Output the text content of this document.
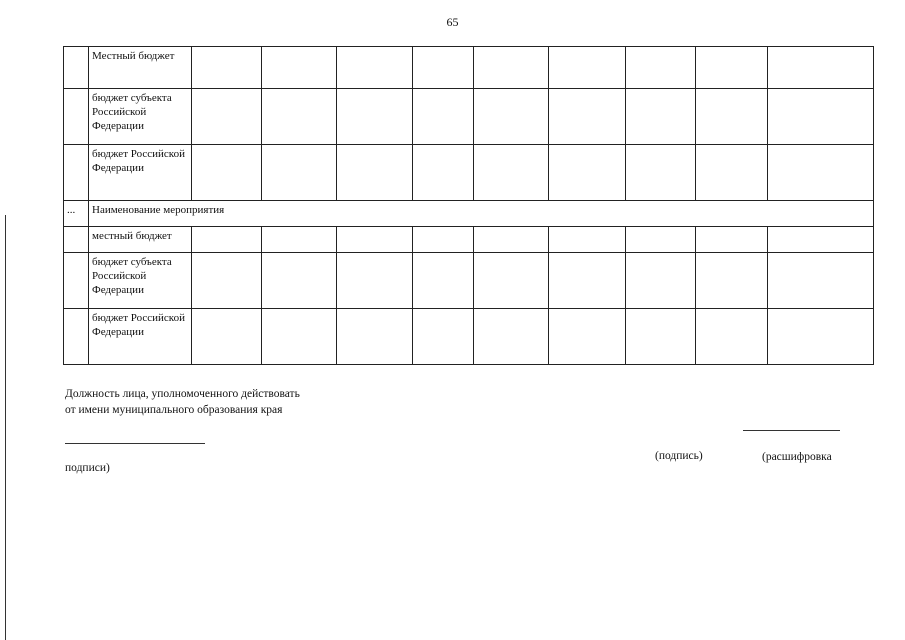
65
	Местный бюджет									
	бюджет субъекта Российской Федерации									
	бюджет Российской Федерации									
...	Наименование мероприятия									
	местный бюджет									
	бюджет субъекта Российской Федерации									
	бюджет Российской Федерации									
Должность лица, уполномоченного действовать от имени муниципального образования края
(подпись)	(расшифровка
подписи)
